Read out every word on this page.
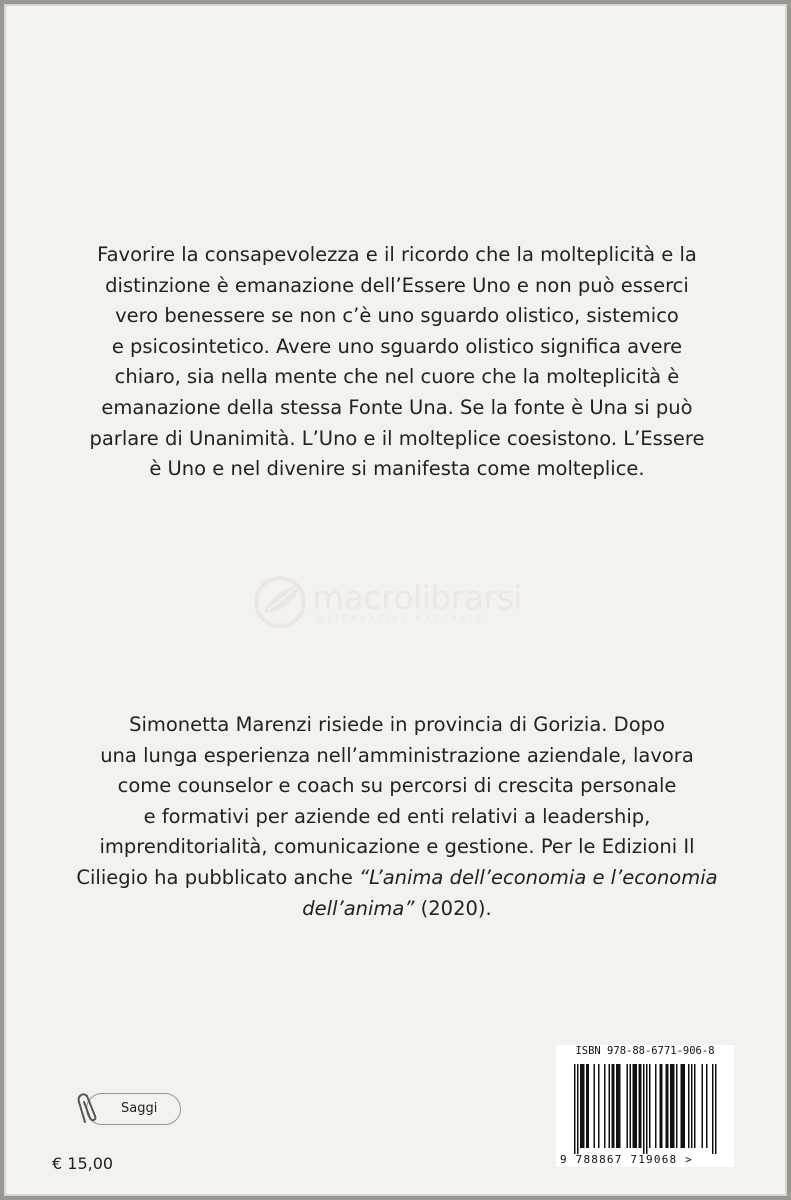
Favorire la consapevolezza e il ricordo che la molteplicità e la
distinzione è emanazione dell’Essere Uno e non può esserci
vero benessere se non c’è uno sguardo olistico, sistemico
e psicosintetico. Avere uno sguardo olistico significa avere
chiaro, sia nella mente che nel cuore che la molteplicità è
emanazione della stessa Fonte Una. Se la fonte è Una si può
parlare di Unanimità. L’Uno e il molteplice coesistono. L’Essere
è Uno e nel divenire si manifesta come molteplice.

macrolibrarsi
ALTERNATIVA NATURALE

Simonetta Marenzi risiede in provincia di Gorizia. Dopo
una lunga esperienza nell’amministrazione aziendale, lavora
come counselor e coach su percorsi di crescita personale
e formativi per aziende ed enti relativi a leadership,
imprenditorialità, comunicazione e gestione. Per le Edizioni Il
Ciliegio ha pubblicato anche “L’anima dell’economia e l’economia
dell’anima” (2020).

Saggi
€ 15,00
ISBN 978-88-6771-906-8
9 788867 719068 >
